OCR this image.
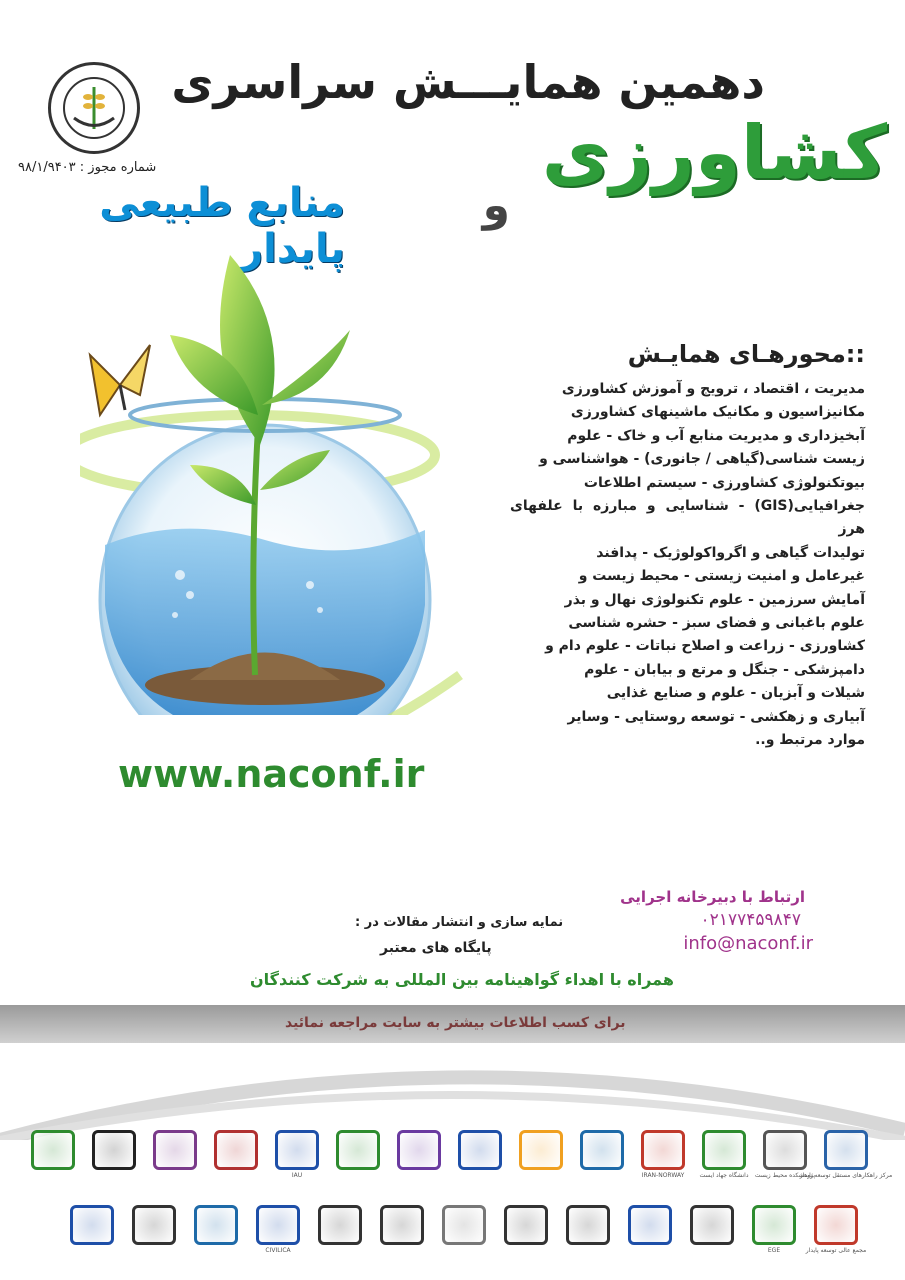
دهمین همایـــش سراسری
کشاورزی
و
منابع طبیعی پایدار
شماره مجوز : ۹۸/۱/۹۴۰۳
www.naconf.ir
::محورهـای همایـش
مدیریت ، اقتصاد ، ترویج و آموزش کشاورزی
مکانیزاسیون و مکانیک ماشینهای کشاورزی
آبخیزداری و مدیریت منابع آب و خاک - علوم
زیست شناسی(گیاهی / جانوری) - هواشناسی و
بیوتکنولوژی کشاورزی - سیستم اطلاعات
جغرافیایی(GIS) - شناسایی و مبارزه با علفهای هرز
تولیدات گیاهی و اگرواکولوژیک - پدافند
غیرعامل و امنیت زیستی - محیط زیست و
آمایش سرزمین - علوم تکنولوژی نهال و بذر
علوم باغبانی و فضای سبز - حشره شناسی
کشاورزی - زراعت و اصلاح نباتات - علوم دام و
دامپزشکی - جنگل و مرتع و بیابان - علوم
شیلات و آبزیان - علوم و صنایع غذایی
آبیاری و زهکشی - توسعه روستایی - وسایر
موارد مرتبط و..
ارتباط با دبیرخانه اجرایی
۰۲۱۷۷۴۵۹۸۴۷
info@naconf.ir
نمایه سازی و انتشار مقالات در :
پایگاه های معتبر
همراه با اهداء گواهینامه بین المللی به شرکت کنندگان
برای کسب اطلاعات بیشتر به سایت مراجعه نمائید
مرکز راهکارهای مستقل توسعه پایدار
پژوهشکده محیط زیست
دانشگاه جهاد ایست
IRAN-NORWAY
IAU
مجمع عالی توسعه پایدار
EGE
CIVILICA
